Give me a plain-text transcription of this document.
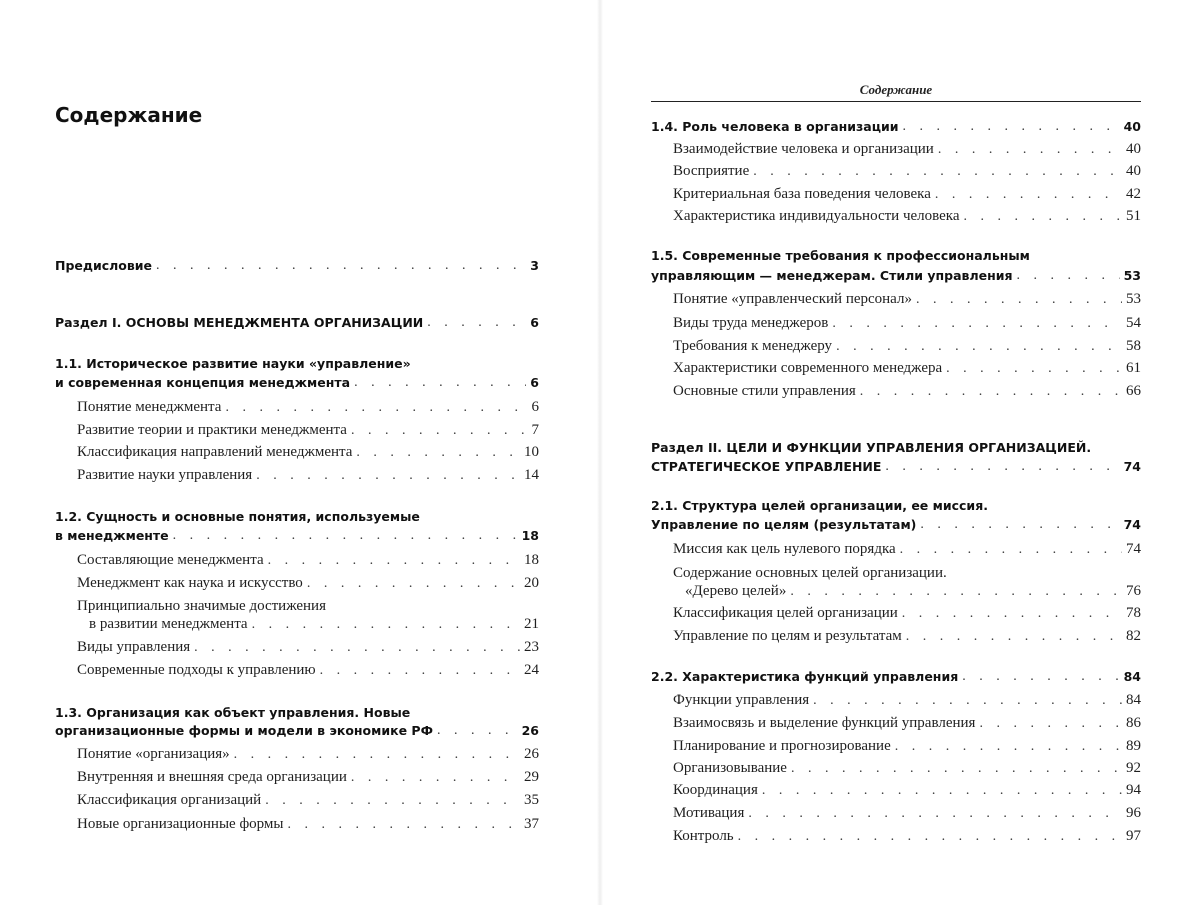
Содержание
Предисловие . . .	3
Раздел I. ОСНОВЫ МЕНЕДЖМЕНТА ОРГАНИЗАЦИИ . . .	6
1.1. Историческое развитие науки «управление»
и современная концепция менеджмента . . .	6
Понятие менеджмента . . .	6
Развитие теории и практики менеджмента . . .	7
Классификация направлений менеджмента . . .	10
Развитие науки управления . . .	14
1.2. Сущность и основные понятия, используемые
в менеджменте . . .	18
Составляющие менеджмента . . .	18
Менеджмент как наука и искусство . . .	20
Принципиально значимые достижения
в развитии менеджмента . . .	21
Виды управления . . .	23
Современные подходы к управлению . . .	24
1.3. Организация как объект управления. Новые
организационные формы и модели в экономике РФ . . .	26
Понятие «организация» . . .	26
Внутренняя и внешняя среда организации . . .	29
Классификация организаций . . .	35
Новые организационные формы . . .	37
Содержание
1.4. Роль человека в организации . . .	40
Взаимодействие человека и организации . . .	40
Восприятие . . .	40
Критериальная база поведения человека . . .	42
Характеристика индивидуальности человека . . .	51
1.5. Современные требования к профессиональным
управляющим — менеджерам. Стили управления . . .	53
Понятие «управленческий персонал» . . .	53
Виды труда менеджеров . . .	54
Требования к менеджеру . . .	58
Характеристики современного менеджера . . .	61
Основные стили управления . . .	66
Раздел II. ЦЕЛИ И ФУНКЦИИ УПРАВЛЕНИЯ ОРГАНИЗАЦИЕЙ.
СТРАТЕГИЧЕСКОЕ УПРАВЛЕНИЕ . . .	74
2.1. Структура целей организации, ее миссия.
Управление по целям (результатам) . . .	74
Миссия как цель нулевого порядка . . .	74
Содержание основных целей организации.
«Дерево целей» . . .	76
Классификация целей организации . . .	78
Управление по целям и результатам . . .	82
2.2. Характеристика функций управления . . .	84
Функции управления . . .	84
Взаимосвязь и выделение функций управления . . .	86
Планирование и прогнозирование . . .	89
Организовывание . . .	92
Координация . . .	94
Мотивация . . .	96
Контроль . . .	97
